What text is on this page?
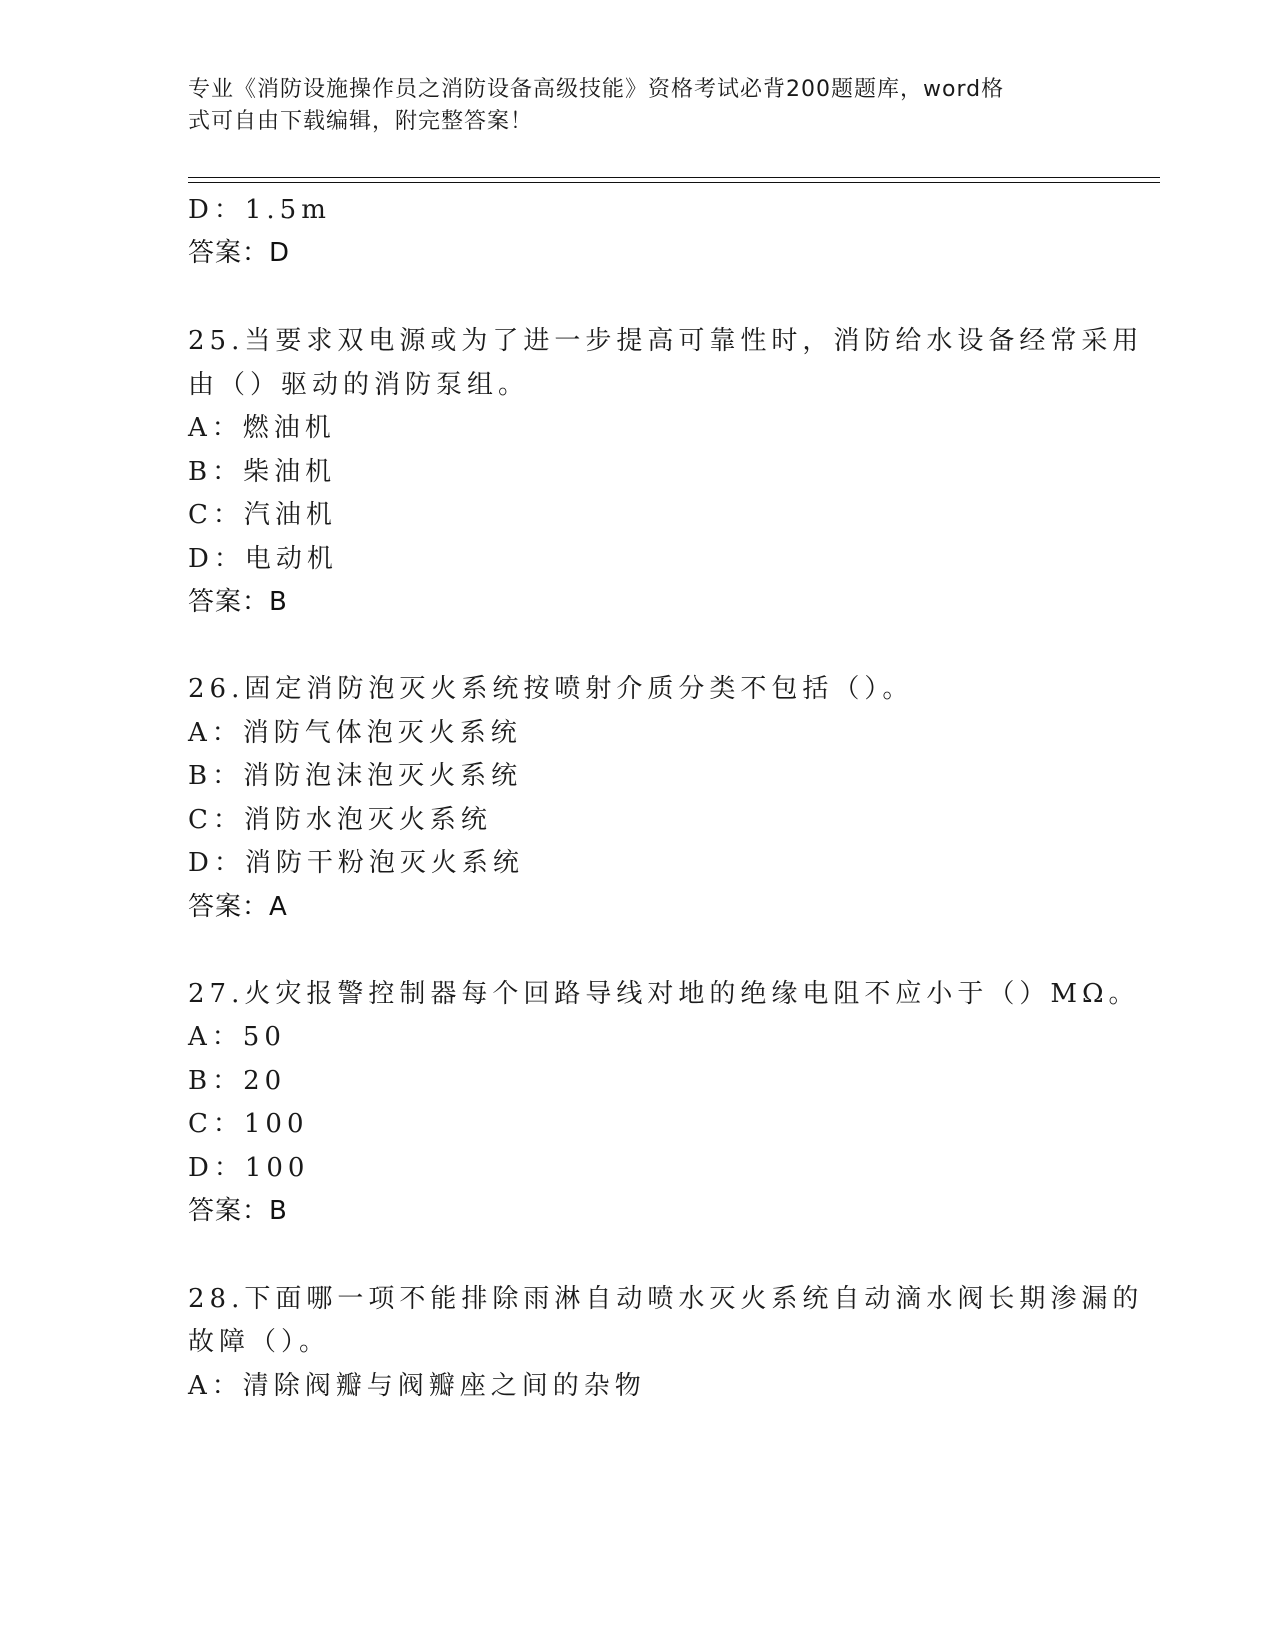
专业《消防设施操作员之消防设备高级技能》资格考试必背200题题库，word格
式可自由下载编辑，附完整答案！
D：1.5m
答案：D
25.当要求双电源或为了进一步提高可靠性时，消防给水设备经常采用
由（）驱动的消防泵组。
A：燃油机
B：柴油机
C：汽油机
D：电动机
答案：B
26.固定消防泡灭火系统按喷射介质分类不包括（）。
A：消防气体泡灭火系统
B：消防泡沫泡灭火系统
C：消防水泡灭火系统
D：消防干粉泡灭火系统
答案：A
27.火灾报警控制器每个回路导线对地的绝缘电阻不应小于（）MΩ。
A：50
B：20
C：100
D：100
答案：B
28.下面哪一项不能排除雨淋自动喷水灭火系统自动滴水阀长期渗漏的
故障（）。
A：清除阀瓣与阀瓣座之间的杂物
